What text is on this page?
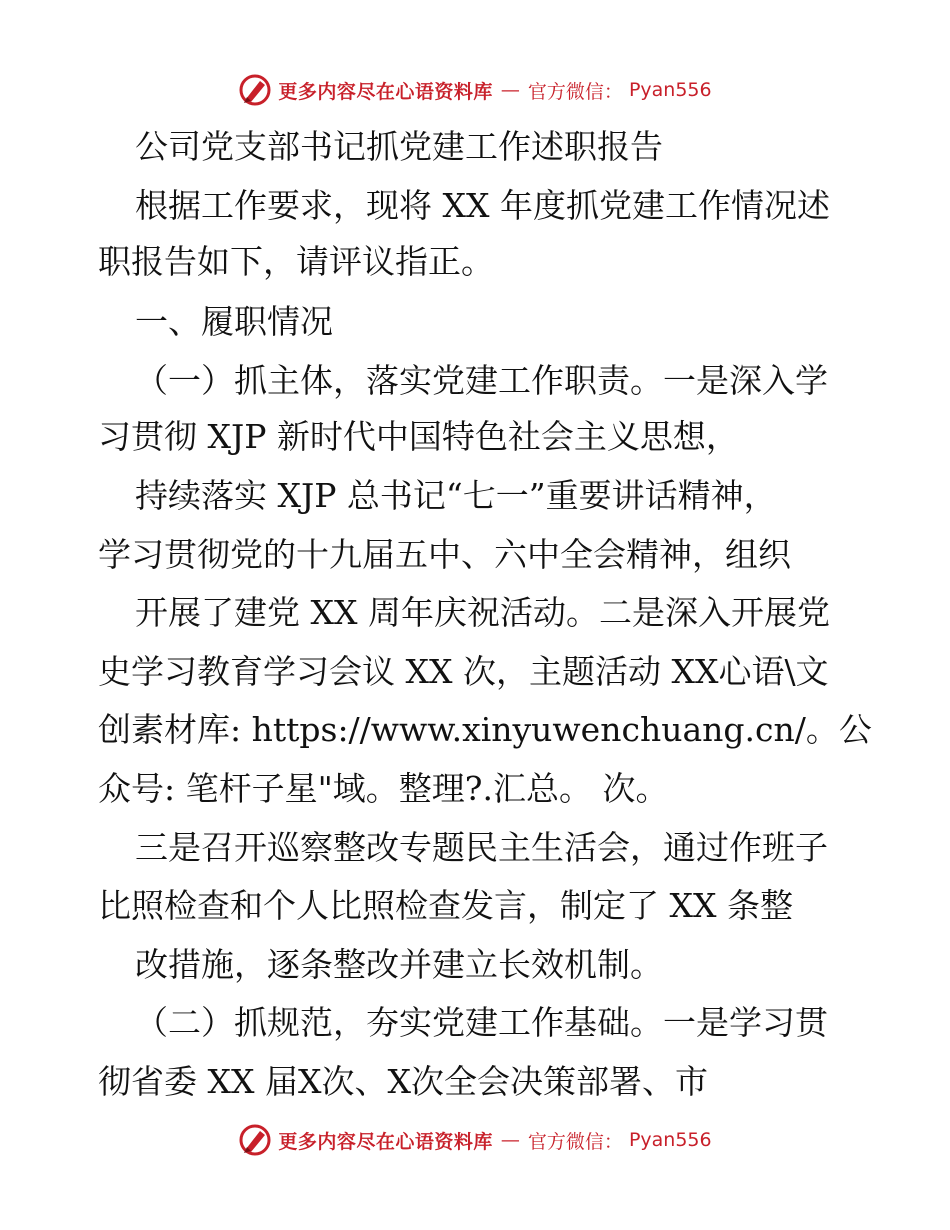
更多内容尽在心语资料库 — 官方微信： Pyan556
公司党支部书记抓党建工作述职报告
根据工作要求，现将 XX 年度抓党建工作情况述
职报告如下，请评议指正。
一、履职情况
（一）抓主体，落实党建工作职责。一是深入学
习贯彻 XJP 新时代中国特色社会主义思想，
持续落实 XJP 总书记“七一”重要讲话精神，
学习贯彻党的十九届五中、六中全会精神，组织
开展了建党 XX 周年庆祝活动。二是深入开展党
史学习教育学习会议 XX 次，主题活动 XX心语\文
创素材库: https://www.xinyuwenchuang.cn/。公
众号: 笔杆子星"域。整理?.汇总。 次。
三是召开巡察整改专题民主生活会，通过作班子
比照检查和个人比照检查发言，制定了 XX 条整
改措施，逐条整改并建立长效机制。
（二）抓规范，夯实党建工作基础。一是学习贯
彻省委 XX 届X次、X次全会决策部署、市
更多内容尽在心语资料库 — 官方微信： Pyan556
